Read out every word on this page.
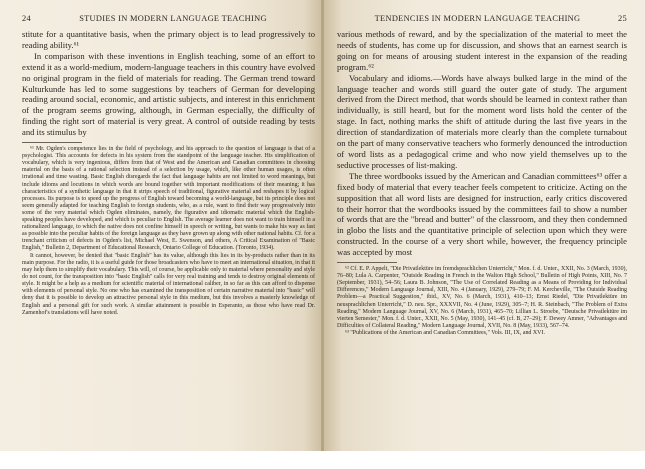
24	STUDIES IN MODERN LANGUAGE TEACHING

stitute for a quantitative basis, when the primary object is to lead progressively to reading ability.⁶¹

In comparison with these inventions in English teaching, some of an effort to extend it as a world-medium, modern-language teachers in this country have evolved no original program in the field of materials for reading. The German trend toward Kulturkunde has led to some suggestions by teachers of German for developing reading around social, economic, and artistic subjects, and interest in this enrichment of the program seems growing, although, in German especially, the difficulty of finding the right sort of material is very great. A control of outside reading by tests and its stimulus by

⁶¹ Mr. Ogden's competence lies in the field of psychology, and his approach to the question of language is that of a psychologist. This accounts for defects in his system from the standpoint of the language teacher. His simplification of vocabulary, which is very ingenious, differs from that of West and the American and Canadian committees in choosing material on the basis of a rational selection instead of a selection by usage, which, like other human usages, is often irrational and time wasting. Basic English disregards the fact that language habits are not limited to word meanings, but include idioms and locutions in which words are bound together with important modifications of their meaning; it has characteristics of a synthetic language in that it strips speech of traditional, figurative material and reshapes it by logical processes. Its purpose is to speed up the progress of English toward becoming a world-language, but its principle does not seem generally adapted for teaching English to foreign students, who, as a rule, want to find their way progressively into some of the very material which Ogden eliminates, namely, the figurative and idiomatic material which the English-speaking peoples have developed, and which is peculiar to English. The average learner does not want to train himself in a rationalized language, to which the native does not confine himself in speech or writing, but wants to make his way as fast as possible into the peculiar habits of the foreign language as they have grown up along with other national habits. Cf. for a trenchant criticism of defects in Ogden's list, Michael West, E. Swenson, and others, A Critical Examination of "Basic English," Bulletin 2, Department of Educational Research, Ontario College of Education. (Toronto, 1934).

It cannot, however, be denied that "basic English" has its value, although this lies in its by-products rather than in its main purpose. For the radio, it is a useful guide for those broadcasters who have to meet an international situation, in that it may help them to simplify their vocabulary. This will, of course, be applicable only to material where personality and style do not count, for the transposition into "basic English" calls for very real training and tends to destroy original elements of style. It might be a help as a medium for scientific material of international caliber, in so far as this can afford to dispense with elements of personal style. No one who has examined the transposition of certain narrative material into "basic" will deny that it is possible to develop an attractive personal style in this medium, but this involves a masterly knowledge of English and a personal gift for such work. A similar attainment is possible in Esperanto, as those who have read Dr. Zamenhof's translations will have noted.

TENDENCIES IN MODERN LANGUAGE TEACHING	25

various methods of reward, and by the specialization of the material to meet the needs of students, has come up for discussion, and shows that an earnest search is going on for means of arousing student interest in the expansion of the reading program.⁶²

Vocabulary and idioms.—Words have always bulked large in the mind of the language teacher and words still guard the outer gate of study. The argument derived from the Direct method, that words should be learned in context rather than individually, is still heard, but for the moment word lists hold the center of the stage. In fact, nothing marks the shift of attitude during the last five years in the direction of standardization of materials more clearly than the complete turnabout on the part of many conservative teachers who formerly denounced the introduction of word lists as a pedagogical crime and who now yield themselves up to the seductive processes of list-making.

The three wordbooks issued by the American and Canadian committees⁶³ offer a fixed body of material that every teacher feels competent to criticize. Acting on the supposition that all word lists are designed for instruction, early critics discovered to their horror that the wordbooks issued by the committees fail to show a number of words that are the "bread and butter" of the classroom, and they then condemned in globo the lists and the quantitative principle of selection upon which they were constructed. In the course of a very short while, however, the frequency principle was accepted by most

⁶² Cf. E. P. Appelt, "Die Privatlektüre im fremdsprachlichen Unterricht," Mon. f. d. Unter., XXII, No. 3 (March, 1930), 76–80; Lula A. Carpenter, "Outside Reading in French in the Walton High School," Bulletin of High Points, XIII, No. 7 (September, 1931), 54–56; Laura B. Johnson, "The Use of Correlated Reading as a Means of Providing for Individual Differences," Modern Language Journal, XIII, No. 4 (January, 1929), 279–79; F. M. Kercheville, "The Outside Reading Problem—a Practical Suggestion," ibid., XV, No. 6 (March, 1931), 410–13; Ernst Riedel, "Die Privatlektüre im neusprachlichen Unterricht," D. neu. Spr., XXXVII, No. 4 (June, 1929), 305–7; H. R. Steinbach, "The Problem of Extra Reading," Modern Language Journal, XV, No. 6 (March, 1931), 465–70; Lillian L. Stroebe, "Deutsche Privatlektüre im vierten Semester," Mon. f. d. Unter., XXII, No. 5 (May, 1930), 141–45 (cf. B, 27–29); F. Dewey Amner, "Advantages and Difficulties of Collateral Reading," Modern Language Journal, XVII, No. 8 (May, 1933), 567–74.

⁶³ "Publications of the American and Canadian Committees," Vols. III, IX, and XVI.
